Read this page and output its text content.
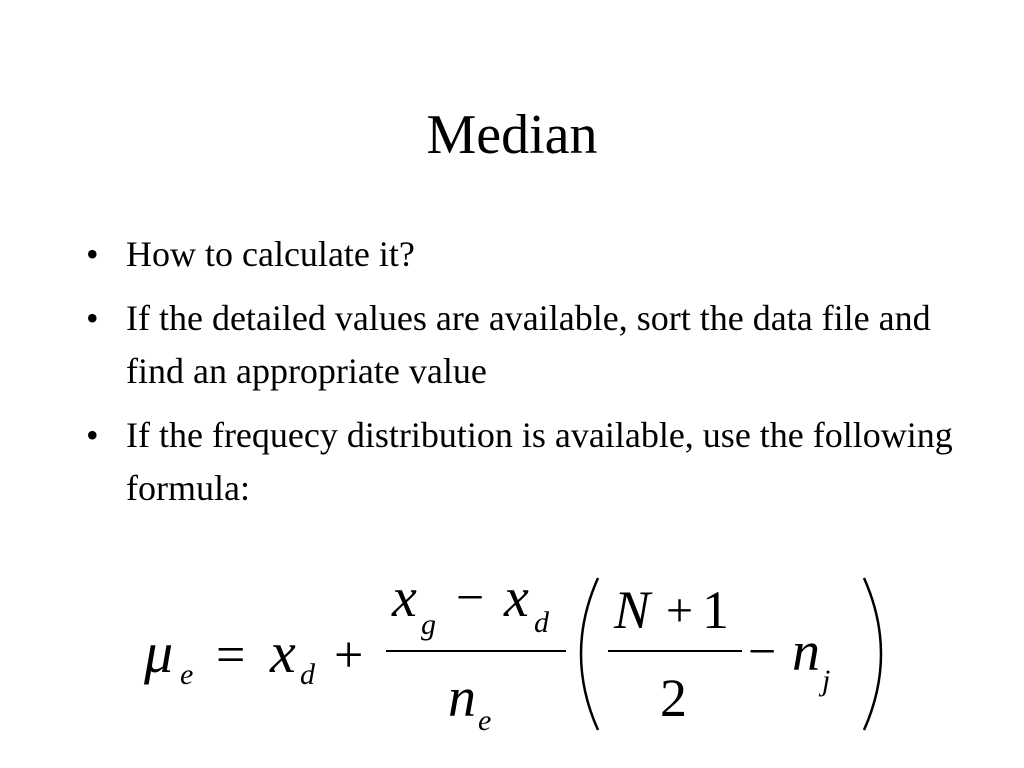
Median
• How to calculate it?
• If the detailed values are available, sort the data file and find an appropriate value
• If the frequecy distribution is available, use the following formula:
μ e = x d +
x g − x d
n e
N + 1
2
− n j
